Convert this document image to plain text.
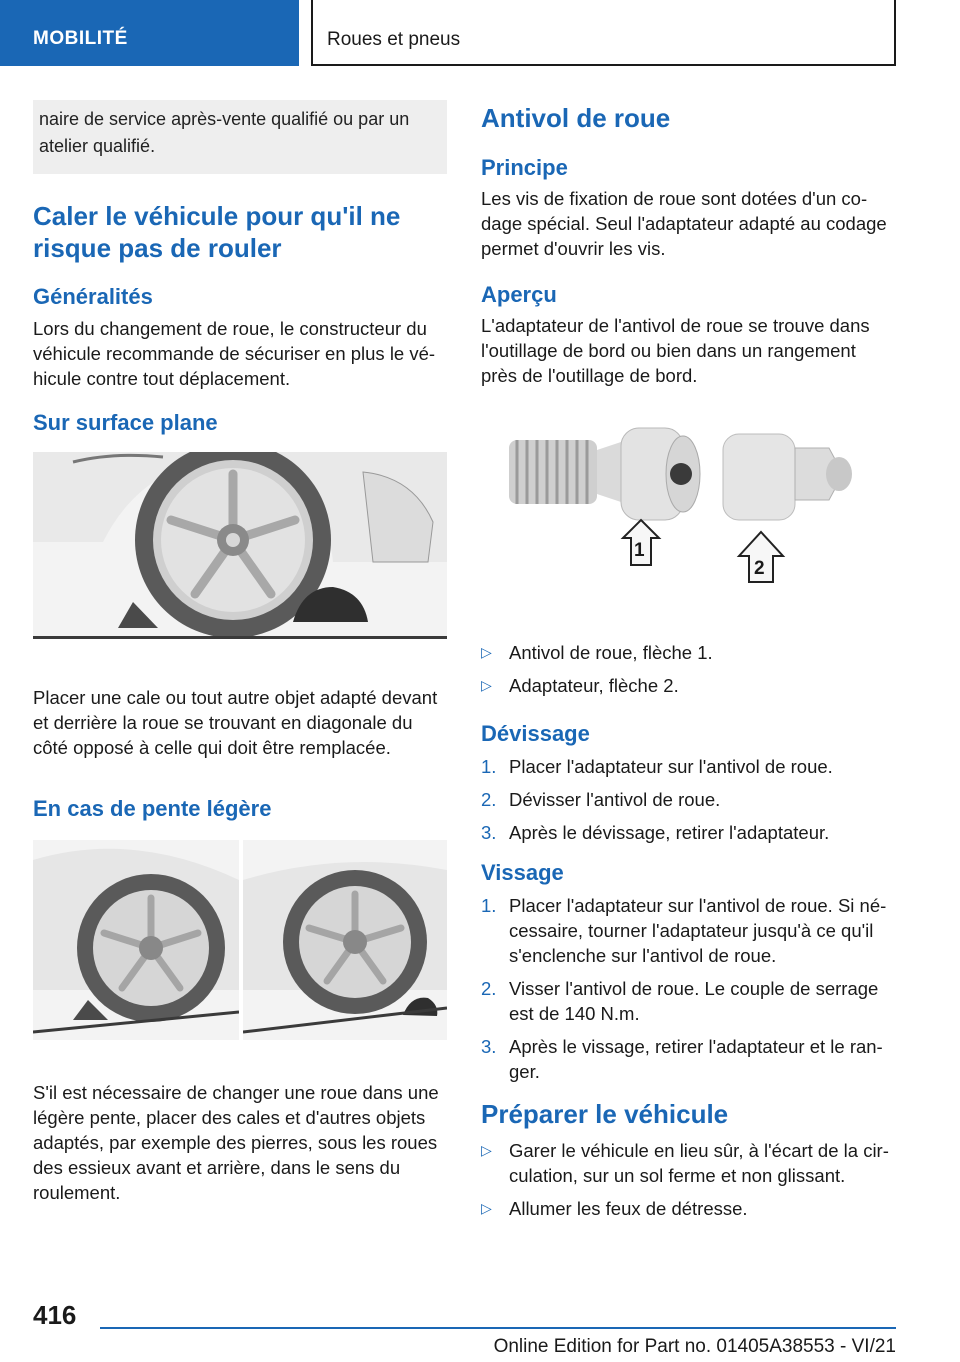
MOBILITÉ	Roues et pneus
naire de service après-vente qualifié ou par un atelier qualifié.
Caler le véhicule pour qu'il ne risque pas de rouler
Généralités

Lors du changement de roue, le constructeur du véhicule recommande de sécuriser en plus le vé-hicule contre tout déplacement.

Sur surface plane

Placer une cale ou tout autre objet adapté devant et derrière la roue se trouvant en diagonale du côté opposé à celle qui doit être remplacée.

En cas de pente légère

S'il est nécessaire de changer une roue dans une légère pente, placer des cales et d'autres objets adaptés, par exemple des pierres, sous les roues des essieux avant et arrière, dans le sens du roulement.

Antivol de roue
Principe

Les vis de fixation de roue sont dotées d'un co-dage spécial. Seul l'adaptateur adapté au codage permet d'ouvrir les vis.

Aperçu

L'adaptateur de l'antivol de roue se trouve dans l'outillage de bord ou bien dans un rangement près de l'outillage de bord.

1
2
▷ Antivol de roue, flèche 1.
▷ Adaptateur, flèche 2.
Dévissage
1. Placer l'adaptateur sur l'antivol de roue.
2. Dévisser l'antivol de roue.
3. Après le dévissage, retirer l'adaptateur.
Vissage
1. Placer l'adaptateur sur l'antivol de roue. Si né-cessaire, tourner l'adaptateur jusqu'à ce qu'il s'enclenche sur l'antivol de roue.
2. Visser l'antivol de roue. Le couple de serrage est de 140 N.m.
3. Après le vissage, retirer l'adaptateur et le ran-ger.
Préparer le véhicule
▷ Garer le véhicule en lieu sûr, à l'écart de la cir-culation, sur un sol ferme et non glissant.
▷ Allumer les feux de détresse.
416
Online Edition for Part no. 01405A38553 - VI/21
